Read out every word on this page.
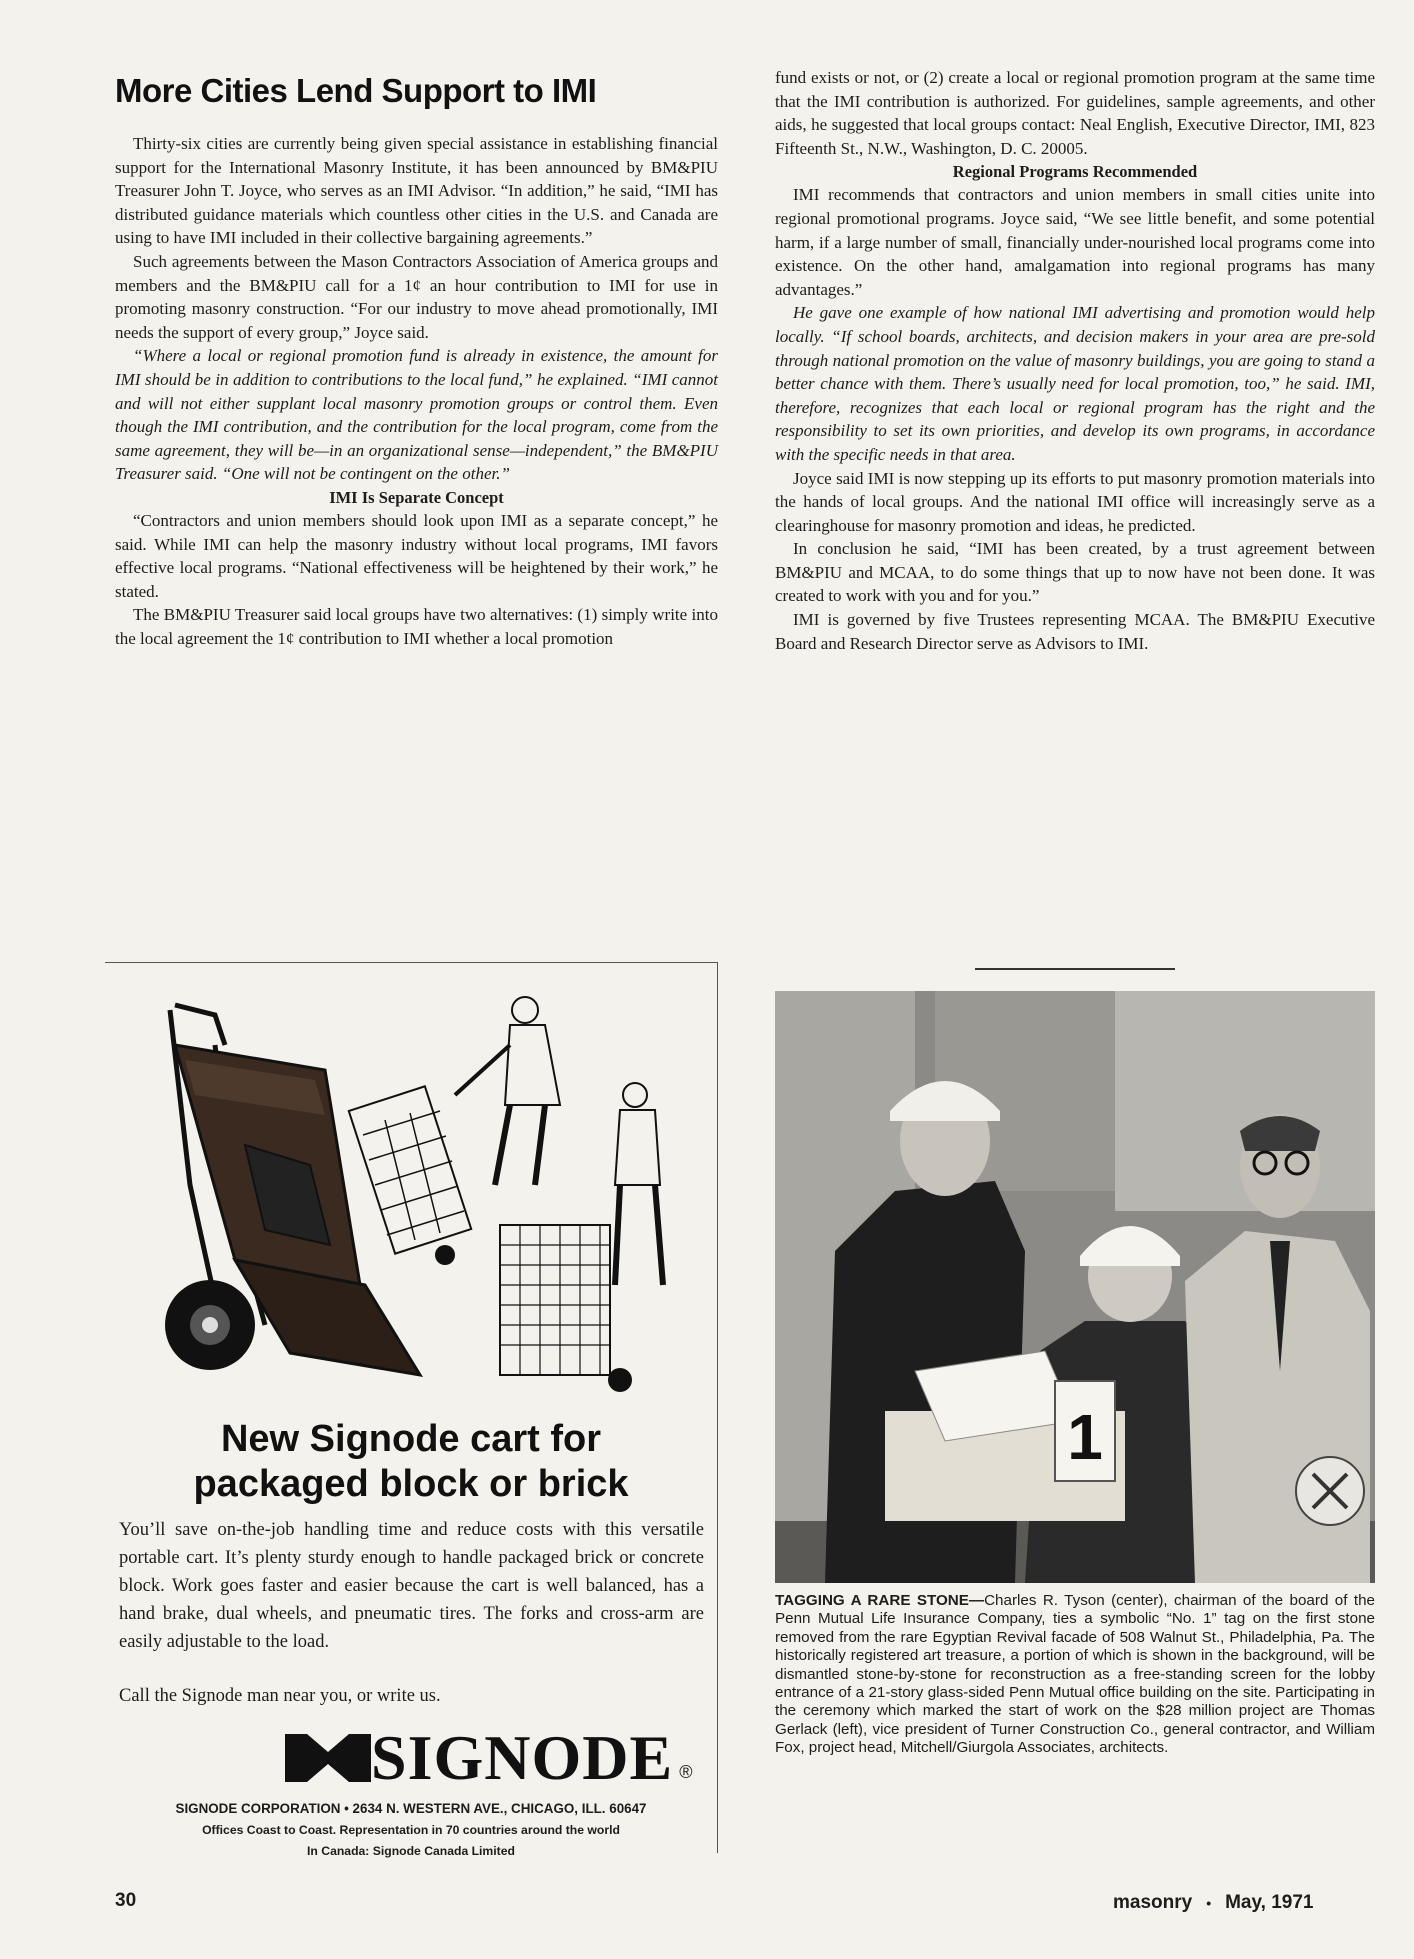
More Cities Lend Support to IMI

Thirty-six cities are currently being given special assistance in establishing financial support for the International Masonry Institute, it has been announced by BM&PIU Treasurer John T. Joyce, who serves as an IMI Advisor. “In addition,” he said, “IMI has distributed guidance materials which countless other cities in the U.S. and Canada are using to have IMI included in their collective bargaining agreements.”

Such agreements between the Mason Contractors Association of America groups and members and the BM&PIU call for a 1¢ an hour contribution to IMI for use in promoting masonry construction. “For our industry to move ahead promotionally, IMI needs the support of every group,” Joyce said.

“Where a local or regional promotion fund is already in existence, the amount for IMI should be in addition to contributions to the local fund,” he explained. “IMI cannot and will not either supplant local masonry promotion groups or control them. Even though the IMI contribution, and the contribution for the local program, come from the same agreement, they will be—in an organizational sense—independent,” the BM&PIU Treasurer said. “One will not be contingent on the other.”

IMI Is Separate Concept

“Contractors and union members should look upon IMI as a separate concept,” he said. While IMI can help the masonry industry without local programs, IMI favors effective local programs. “National effectiveness will be heightened by their work,” he stated.

The BM&PIU Treasurer said local groups have two alternatives: (1) simply write into the local agreement the 1¢ contribution to IMI whether a local promotion

fund exists or not, or (2) create a local or regional promotion program at the same time that the IMI contribution is authorized. For guidelines, sample agreements, and other aids, he suggested that local groups contact: Neal English, Executive Director, IMI, 823 Fifteenth St., N.W., Washington, D. C. 20005.

Regional Programs Recommended

IMI recommends that contractors and union members in small cities unite into regional promotional programs. Joyce said, “We see little benefit, and some potential harm, if a large number of small, financially under-nourished local programs come into existence. On the other hand, amalgamation into regional programs has many advantages.”

He gave one example of how national IMI advertising and promotion would help locally. “If school boards, architects, and decision makers in your area are pre-sold through national promotion on the value of masonry buildings, you are going to stand a better chance with them. There’s usually need for local promotion, too,” he said. IMI, therefore, recognizes that each local or regional program has the right and the responsibility to set its own priorities, and develop its own programs, in accordance with the specific needs in that area.

Joyce said IMI is now stepping up its efforts to put masonry promotion materials into the hands of local groups. And the national IMI office will increasingly serve as a clearinghouse for masonry promotion and ideas, he predicted.

In conclusion he said, “IMI has been created, by a trust agreement between BM&PIU and MCAA, to do some things that up to now have not been done. It was created to work with you and for you.”

IMI is governed by five Trustees representing MCAA. The BM&PIU Executive Board and Research Director serve as Advisors to IMI.

New Signode cart for
packaged block or brick

You’ll save on-the-job handling time and reduce costs with this versatile portable cart. It’s plenty sturdy enough to handle packaged brick or concrete block. Work goes faster and easier because the cart is well balanced, has a hand brake, dual wheels, and pneumatic tires. The forks and cross-arm are easily adjustable to the load.

Call the Signode man near you, or write us.

SIGNODE ®
SIGNODE CORPORATION • 2634 N. WESTERN AVE., CHICAGO, ILL. 60647
Offices Coast to Coast. Representation in 70 countries around the world
In Canada: Signode Canada Limited
1

TAGGING A RARE STONE—Charles R. Tyson (center), chairman of the board of the Penn Mutual Life Insurance Company, ties a symbolic “No. 1” tag on the first stone removed from the rare Egyptian Revival facade of 508 Walnut St., Philadelphia, Pa. The historically registered art treasure, a portion of which is shown in the background, will be dismantled stone-by-stone for reconstruction as a free-standing screen for the lobby entrance of a 21-story glass-sided Penn Mutual office building on the site. Participating in the ceremony which marked the start of work on the $28 million project are Thomas Gerlack (left), vice president of Turner Construction Co., general contractor, and William Fox, project head, Mitchell/Giurgola Associates, architects.

30	masonry • May, 1971
